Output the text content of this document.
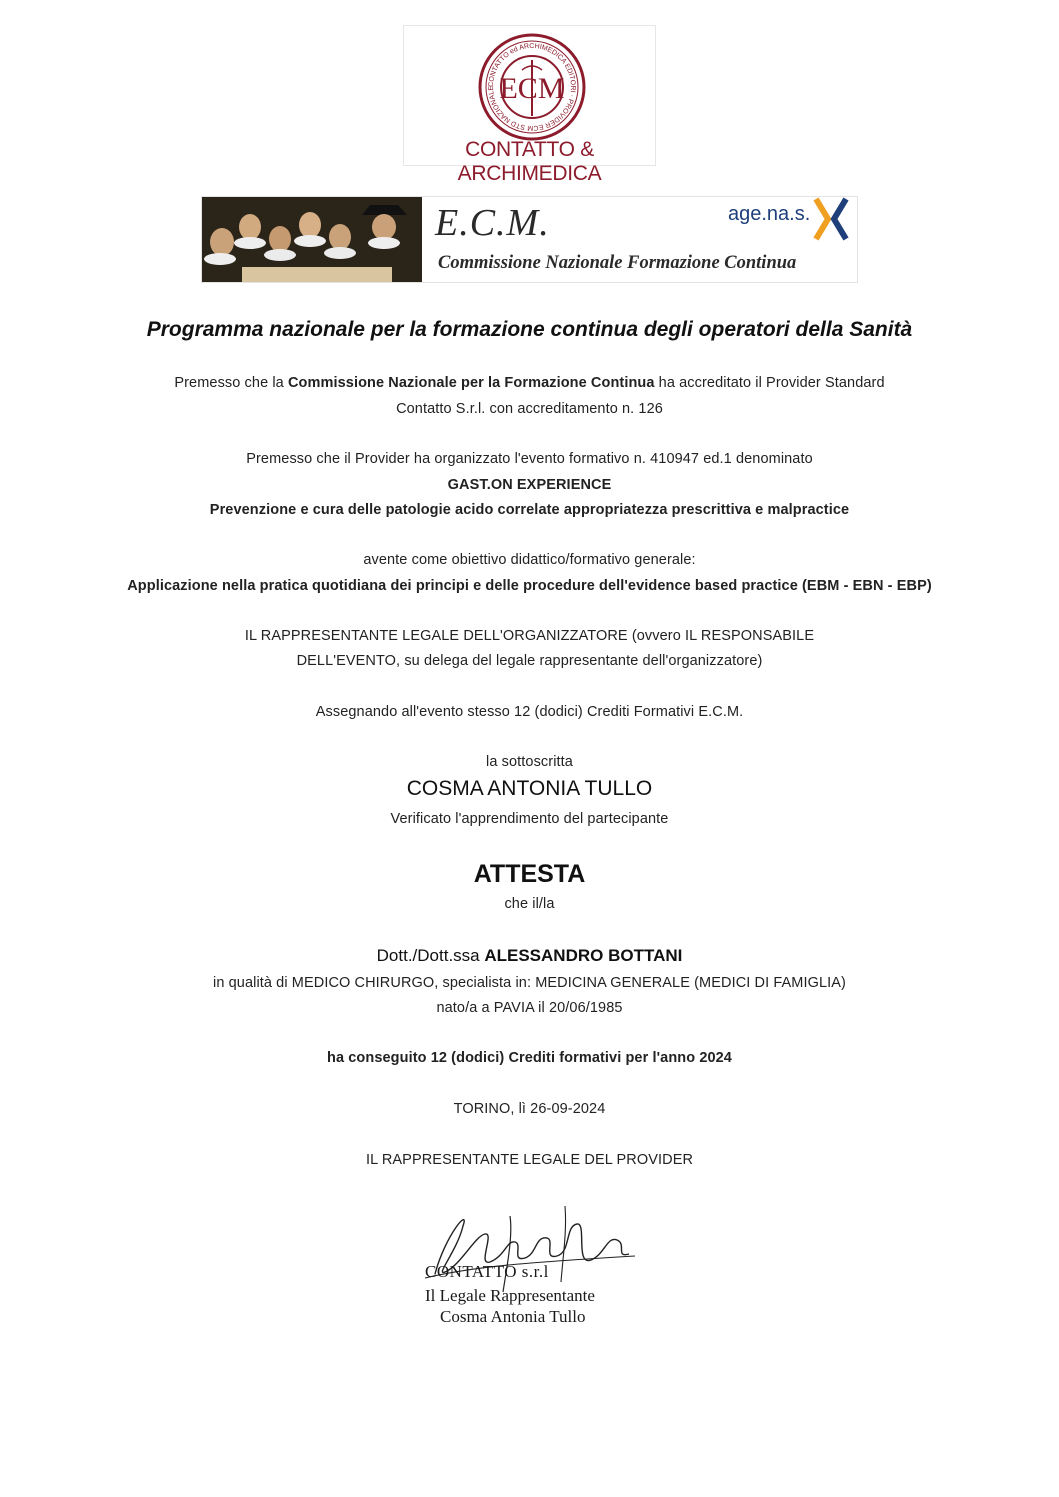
CONTATTO ed ARCHIMEDICA EDITORI · PROVIDER ECM STD NAZIONALE ECM
CONTATTO & ARCHIMEDICA
E.C.M.
Commissione Nazionale Formazione Continua
age.na.s.
Programma nazionale per la formazione continua degli operatori della Sanità
Premesso che la Commissione Nazionale per la Formazione Continua ha accreditato il Provider Standard
Contatto S.r.l. con accreditamento n. 126
Premesso che il Provider ha organizzato l'evento formativo n. 410947 ed.1 denominato
GAST.ON EXPERIENCE
Prevenzione e cura delle patologie acido correlate appropriatezza prescrittiva e malpractice
avente come obiettivo didattico/formativo generale:
Applicazione nella pratica quotidiana dei principi e delle procedure dell'evidence based practice (EBM - EBN - EBP)
IL RAPPRESENTANTE LEGALE DELL'ORGANIZZATORE (ovvero IL RESPONSABILE
DELL'EVENTO, su delega del legale rappresentante dell'organizzatore)
Assegnando all'evento stesso 12 (dodici) Crediti Formativi E.C.M.
la sottoscritta
COSMA ANTONIA TULLO
Verificato l'apprendimento del partecipante
ATTESTA
che il/la
Dott./Dott.ssa ALESSANDRO BOTTANI
in qualità di MEDICO CHIRURGO, specialista in: MEDICINA GENERALE (MEDICI DI FAMIGLIA)
nato/a a PAVIA il 20/06/1985
ha conseguito 12 (dodici) Crediti formativi per l'anno 2024
TORINO, lì 26-09-2024
IL RAPPRESENTANTE LEGALE DEL PROVIDER
CONTATTO s.r.l
Il Legale Rappresentante
Cosma Antonia Tullo
